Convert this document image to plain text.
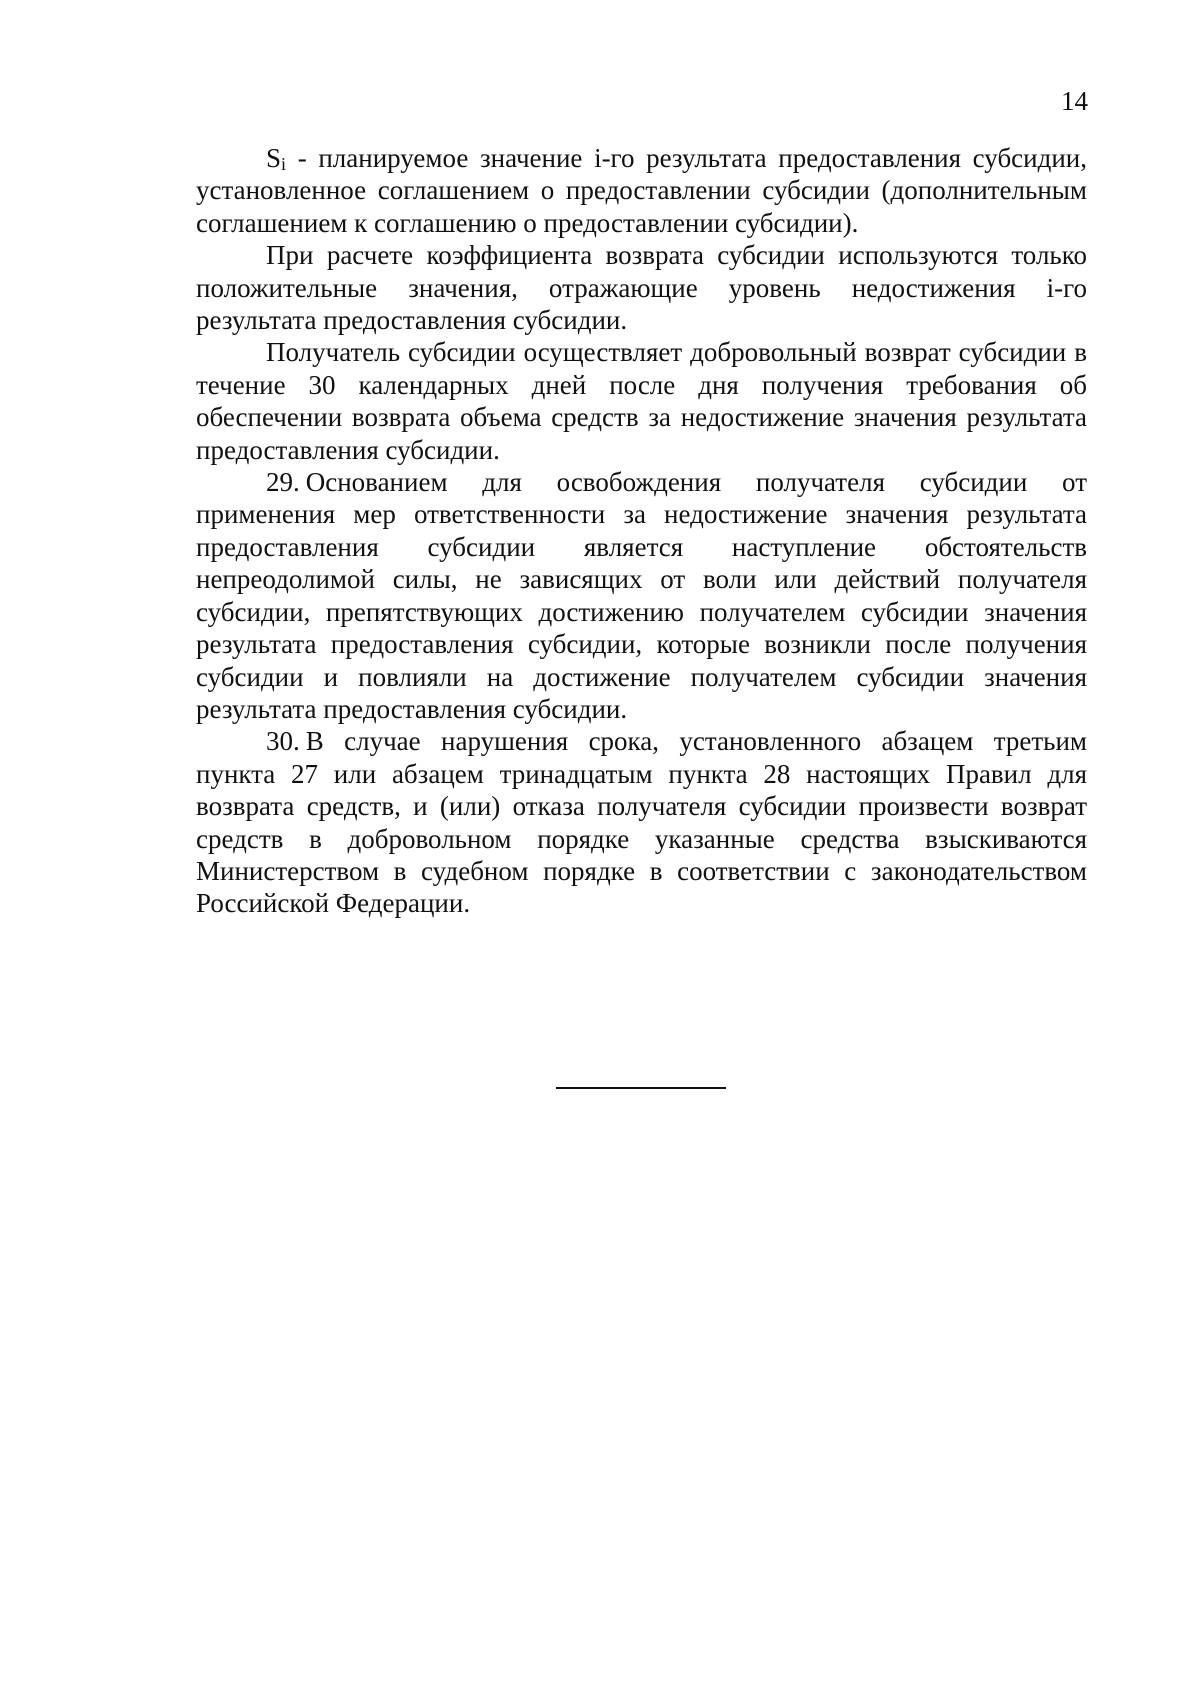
14

$S_i$ - планируемое значение i-го результата предоставления субсидии, установленное соглашением о предоставлении субсидии (дополнительным соглашением к соглашению о предоставлении субсидии).

При расчете коэффициента возврата субсидии используются только положительные значения, отражающие уровень недостижения i-го результата предоставления субсидии.

Получатель субсидии осуществляет добровольный возврат субсидии в течение 30 календарных дней после дня получения требования об обеспечении возврата объема средств за недостижение значения результата предоставления субсидии.

29. Основанием для освобождения получателя субсидии от применения мер ответственности за недостижение значения результата предоставления субсидии является наступление обстоятельств непреодолимой силы, не зависящих от воли или действий получателя субсидии, препятствующих достижению получателем субсидии значения результата предоставления субсидии, которые возникли после получения субсидии и повлияли на достижение получателем субсидии значения результата предоставления субсидии.

30. В случае нарушения срока, установленного абзацем третьим пункта 27 или абзацем тринадцатым пункта 28 настоящих Правил для возврата средств, и (или) отказа получателя субсидии произвести возврат средств в добровольном порядке указанные средства взыскиваются Министерством в судебном порядке в соответствии с законодательством Российской Федерации.
